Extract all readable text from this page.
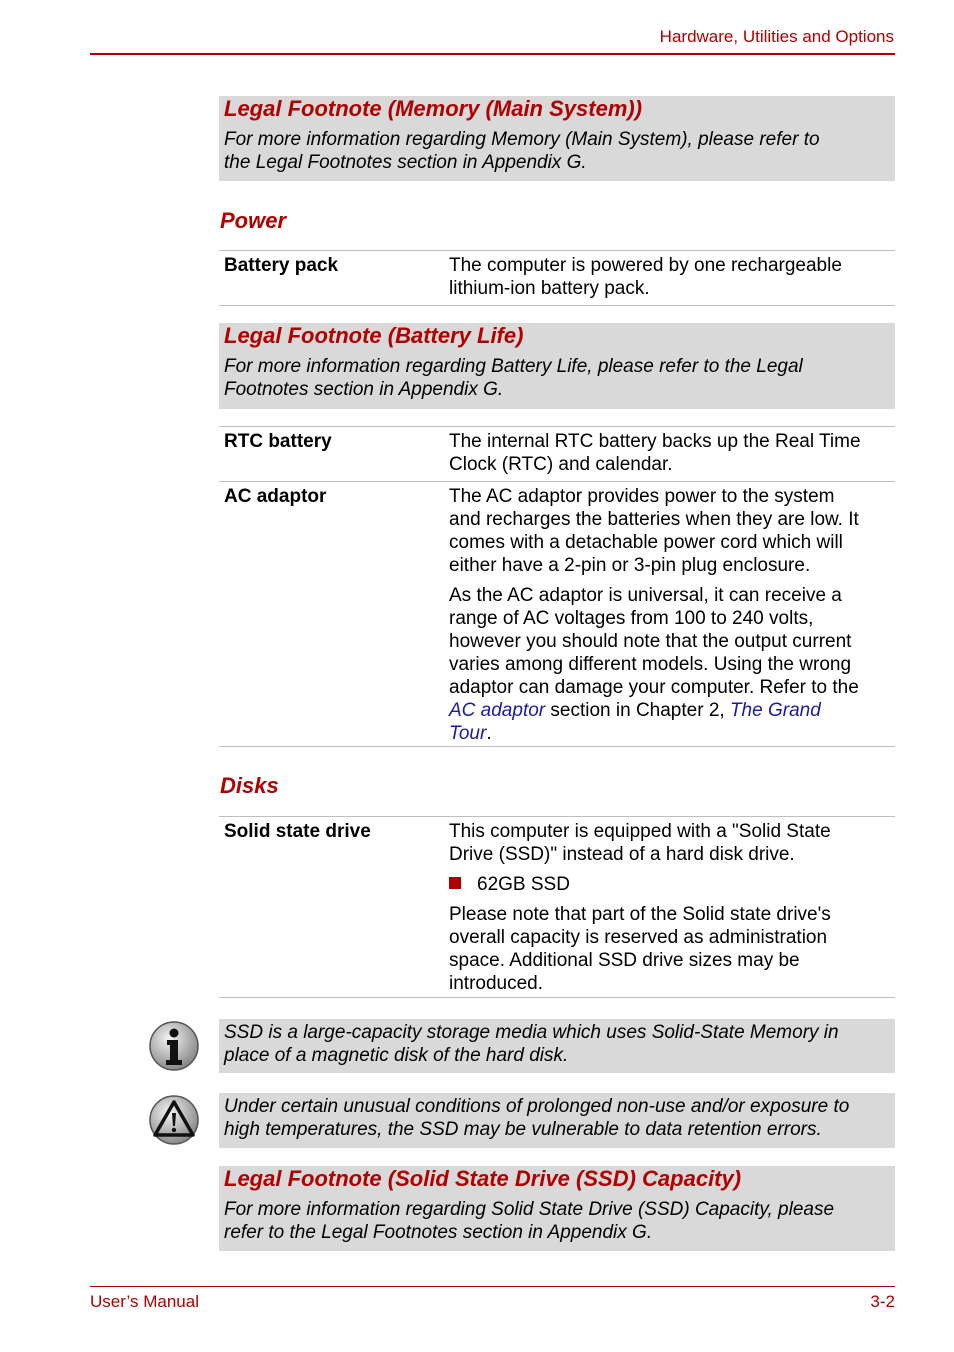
Hardware, Utilities and Options
Legal Footnote (Memory (Main System))
For more information regarding Memory (Main System), please refer to
the Legal Footnotes section in Appendix G.
Power
Battery pack	The computer is powered by one rechargeable
lithium-ion battery pack.
Legal Footnote (Battery Life)
For more information regarding Battery Life, please refer to the Legal
Footnotes section in Appendix G.
RTC battery	The internal RTC battery backs up the Real Time
Clock (RTC) and calendar.
AC adaptor	The AC adaptor provides power to the system
and recharges the batteries when they are low. It
comes with a detachable power cord which will
either have a 2-pin or 3-pin plug enclosure.

As the AC adaptor is universal, it can receive a
range of AC voltages from 100 to 240 volts,
however you should note that the output current
varies among different models. Using the wrong
adaptor can damage your computer. Refer to the
AC adaptor section in Chapter 2, The Grand
Tour.

Disks
Solid state drive	This computer is equipped with a "Solid State
Drive (SSD)" instead of a hard disk drive.

62GB SSD

Please note that part of the Solid state drive's
overall capacity is reserved as administration
space. Additional SSD drive sizes may be
introduced.

SSD is a large-capacity storage media which uses Solid-State Memory in
place of a magnetic disk of the hard disk.
Under certain unusual conditions of prolonged non-use and/or exposure to
high temperatures, the SSD may be vulnerable to data retention errors.
Legal Footnote (Solid State Drive (SSD) Capacity)
For more information regarding Solid State Drive (SSD) Capacity, please
refer to the Legal Footnotes section in Appendix G.
User’s Manual	3-2
